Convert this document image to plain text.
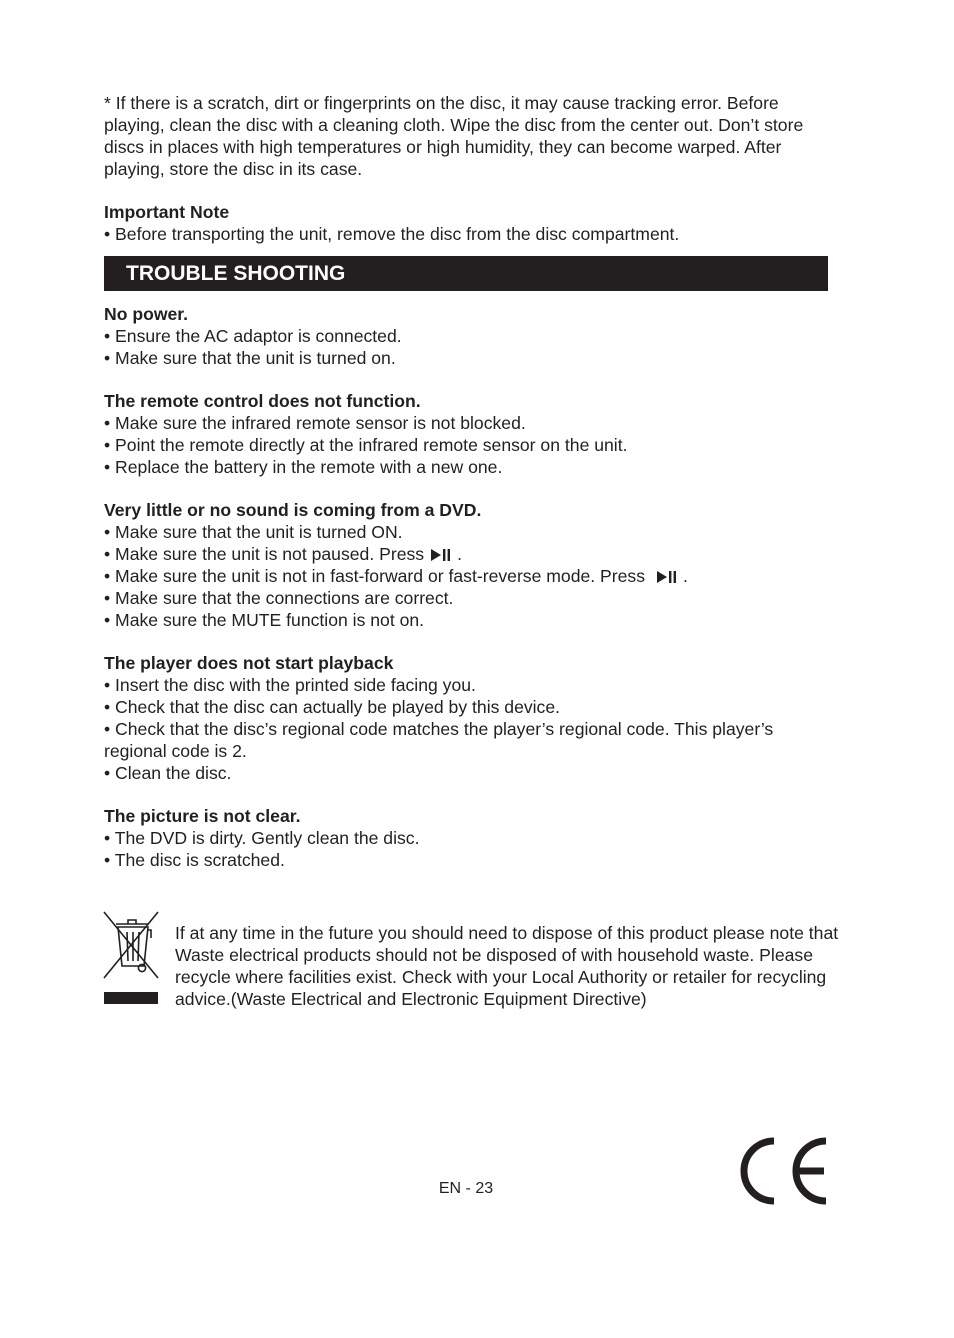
* If there is a scratch, dirt or fingerprints on the disc, it may cause tracking error. Before playing, clean the disc with a cleaning cloth. Wipe the disc from the center out. Don’t store discs in places with high temperatures or high humidity, they can become warped. After playing, store the disc in its case.

Important Note

• Before transporting the unit, remove the disc from the disc compartment.

TROUBLE SHOOTING

No power.

• Ensure the AC adaptor is connected.

• Make sure that the unit is turned on.

The remote control does not function.

• Make sure the infrared remote sensor is not blocked.

• Point the remote directly at the infrared remote sensor on the unit.

• Replace the battery in the remote with a new one.

Very little or no sound is coming from a DVD.

• Make sure that the unit is turned ON.

• Make sure the unit is not paused. Press .

• Make sure the unit is not in fast-forward or fast-reverse mode. Press .

• Make sure that the connections are correct.

• Make sure the MUTE function is not on.

The player does not start playback

• Insert the disc with the printed side facing you.

• Check that the disc can actually be played by this device.

• Check that the disc’s regional code matches the player’s regional code. This player’s regional code is 2.

• Clean the disc.

The picture is not clear.

• The DVD is dirty. Gently clean the disc.

• The disc is scratched.

If at any time in the future you should need to dispose of this product please note that Waste electrical products should not be disposed of with household waste. Please recycle where facilities exist. Check with your Local Authority or retailer for recycling advice.(Waste Electrical and Electronic Equipment Directive)
EN - 23
